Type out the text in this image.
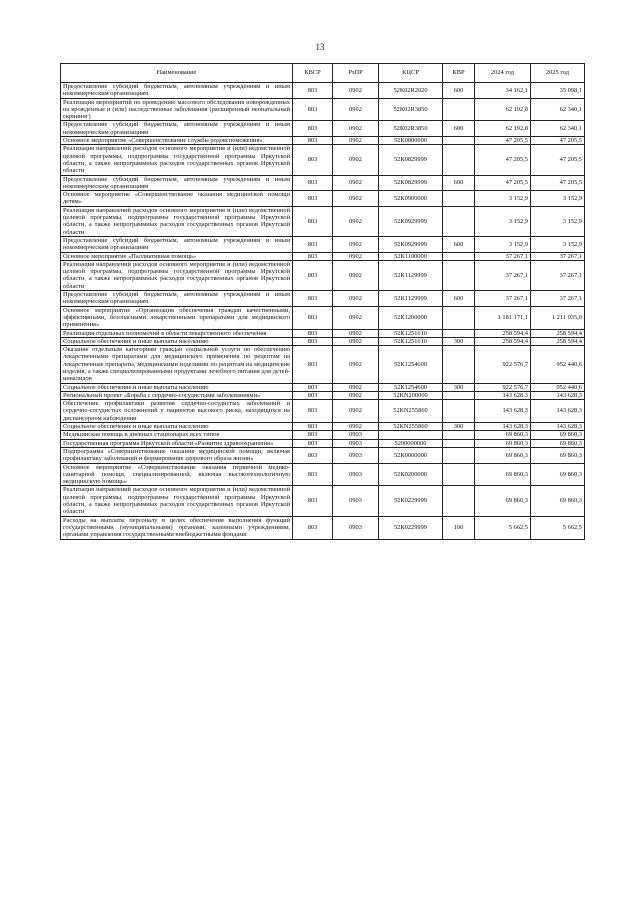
13
Наименование	КВСР	РзПР	КЦСР	КВР	2024 год	2025 год
Предоставление субсидий бюджетным, автономным учреждениям и иным некоммерческим организациям	803	0902	52К02R2020	600	34 162,1	35 098,1
Реализация мероприятий по проведению массового обследования новорожденных на врожденные и (или) наследственные заболевания (расширенный неонатальный скрининг)	803	0902	52К02R3850		62 192,8	62 340,1
Предоставление субсидий бюджетным, автономным учреждениям и иным некоммерческим организациям	803	0902	52К02R3850	600	62 192,8	62 340,1
Основное мероприятие «Совершенствование службы родовспоможения»	803	0902	52К0800000		47 205,5	47 205,5
Реализация направлений расходов основного мероприятия и (или) ведомственной целевой программы, подпрограммы государственной программы Иркутской области, а также непрограммных расходов государственных органов Иркутской области	803	0902	52К0829999		47 205,5	47 205,5
Предоставление субсидий бюджетным, автономным учреждениям и иным некоммерческим организациям	803	0902	52К0829999	600	47 205,5	47 205,5
Основное мероприятие «Совершенствование оказания медицинской помощи детям»	803	0902	52К0900000		3 152,9	3 152,9
Реализация направлений расходов основного мероприятия и (или) ведомственной целевой программы, подпрограммы государственной программы Иркутской области, а также непрограммных расходов государственных органов Иркутской области	803	0902	52К0929999		3 152,9	3 152,9
Предоставление субсидий бюджетным, автономным учреждениям и иным некоммерческим организациям	803	0902	52К0929999	600	3 152,9	3 152,9
Основное мероприятие «Паллиативная помощь»	803	0902	52К1100000		37 267,1	37 267,1
Реализация направлений расходов основного мероприятия и (или) ведомственной целевой программы, подпрограммы государственной программы Иркутской области, а также непрограммных расходов государственных органов Иркутской области	803	0902	52К1129999		37 267,1	37 267,1
Предоставление субсидий бюджетным, автономным учреждениям и иным некоммерческим организациям	803	0902	52К1129999	600	37 267,1	37 267,1
Основное мероприятие «Организация обеспечения граждан качественными, эффективными, безопасными лекарственными препаратами для медицинского применения»	803	0902	52К1200000		1 181 171,1	1 211 035,0
Реализация отдельных полномочий в области лекарственного обеспечения	803	0902	52К1251610		258 594,4	258 594,4
Социальное обеспечение и иные выплаты населению	803	0902	52К1251610	300	258 594,4	258 594,4
Оказание отдельным категориям граждан социальной услуги по обеспечению лекарственными препаратами для медицинского применения по рецептам на лекарственные препараты, медицинскими изделиями по рецептам на медицинские изделия, а также специализированными продуктами лечебного питания для детей-инвалидов	803	0902	52К1254600		922 576,7	952 440,6
Социальное обеспечение и иные выплаты населению	803	0902	52К1254600	300	922 576,7	952 440,6
Региональный проект «Борьба с сердечно-сосудистыми заболеваниями»	803	0902	52КN200000		143 628,3	143 628,3
Обеспечение профилактики развития сердечно-сосудистых заболеваний и сердечно-сосудистых осложнений у пациентов высокого риска, находящихся на диспансерном наблюдении	803	0902	52КN255860		143 628,3	143 628,3
Социальное обеспечение и иные выплаты населению	803	0902	52КN255860	300	143 628,3	143 628,3
Медицинская помощь в дневных стационарах всех типов	803	0903			69 860,3	69 860,3
Государственная программа Иркутской области «Развитие здравоохранения»	803	0903	5200000000		69 860,3	69 860,3
Подпрограмма «Совершенствование оказания медицинской помощи, включая профилактику заболеваний и формирование здорового образа жизни»	803	0903	52К0000000		69 860,3	69 860,3
Основное мероприятие «Совершенствование оказания первичной медико-санитарной помощи, специализированной, включая высокотехнологичную медицинскую помощь»	803	0903	52К0200000		69 860,3	69 860,3
Реализация направлений расходов основного мероприятия и (или) ведомственной целевой программы, подпрограммы государственной программы Иркутской области, а также непрограммных расходов государственных органов Иркутской области	803	0903	52К0229999		69 860,3	69 860,3
Расходы на выплаты персоналу в целях обеспечения выполнения функций государственными (муниципальными) органами, казенными учреждениями, органами управления государственными внебюджетными фондами	803	0903	52К0229999	100	5 662,5	5 662,5
